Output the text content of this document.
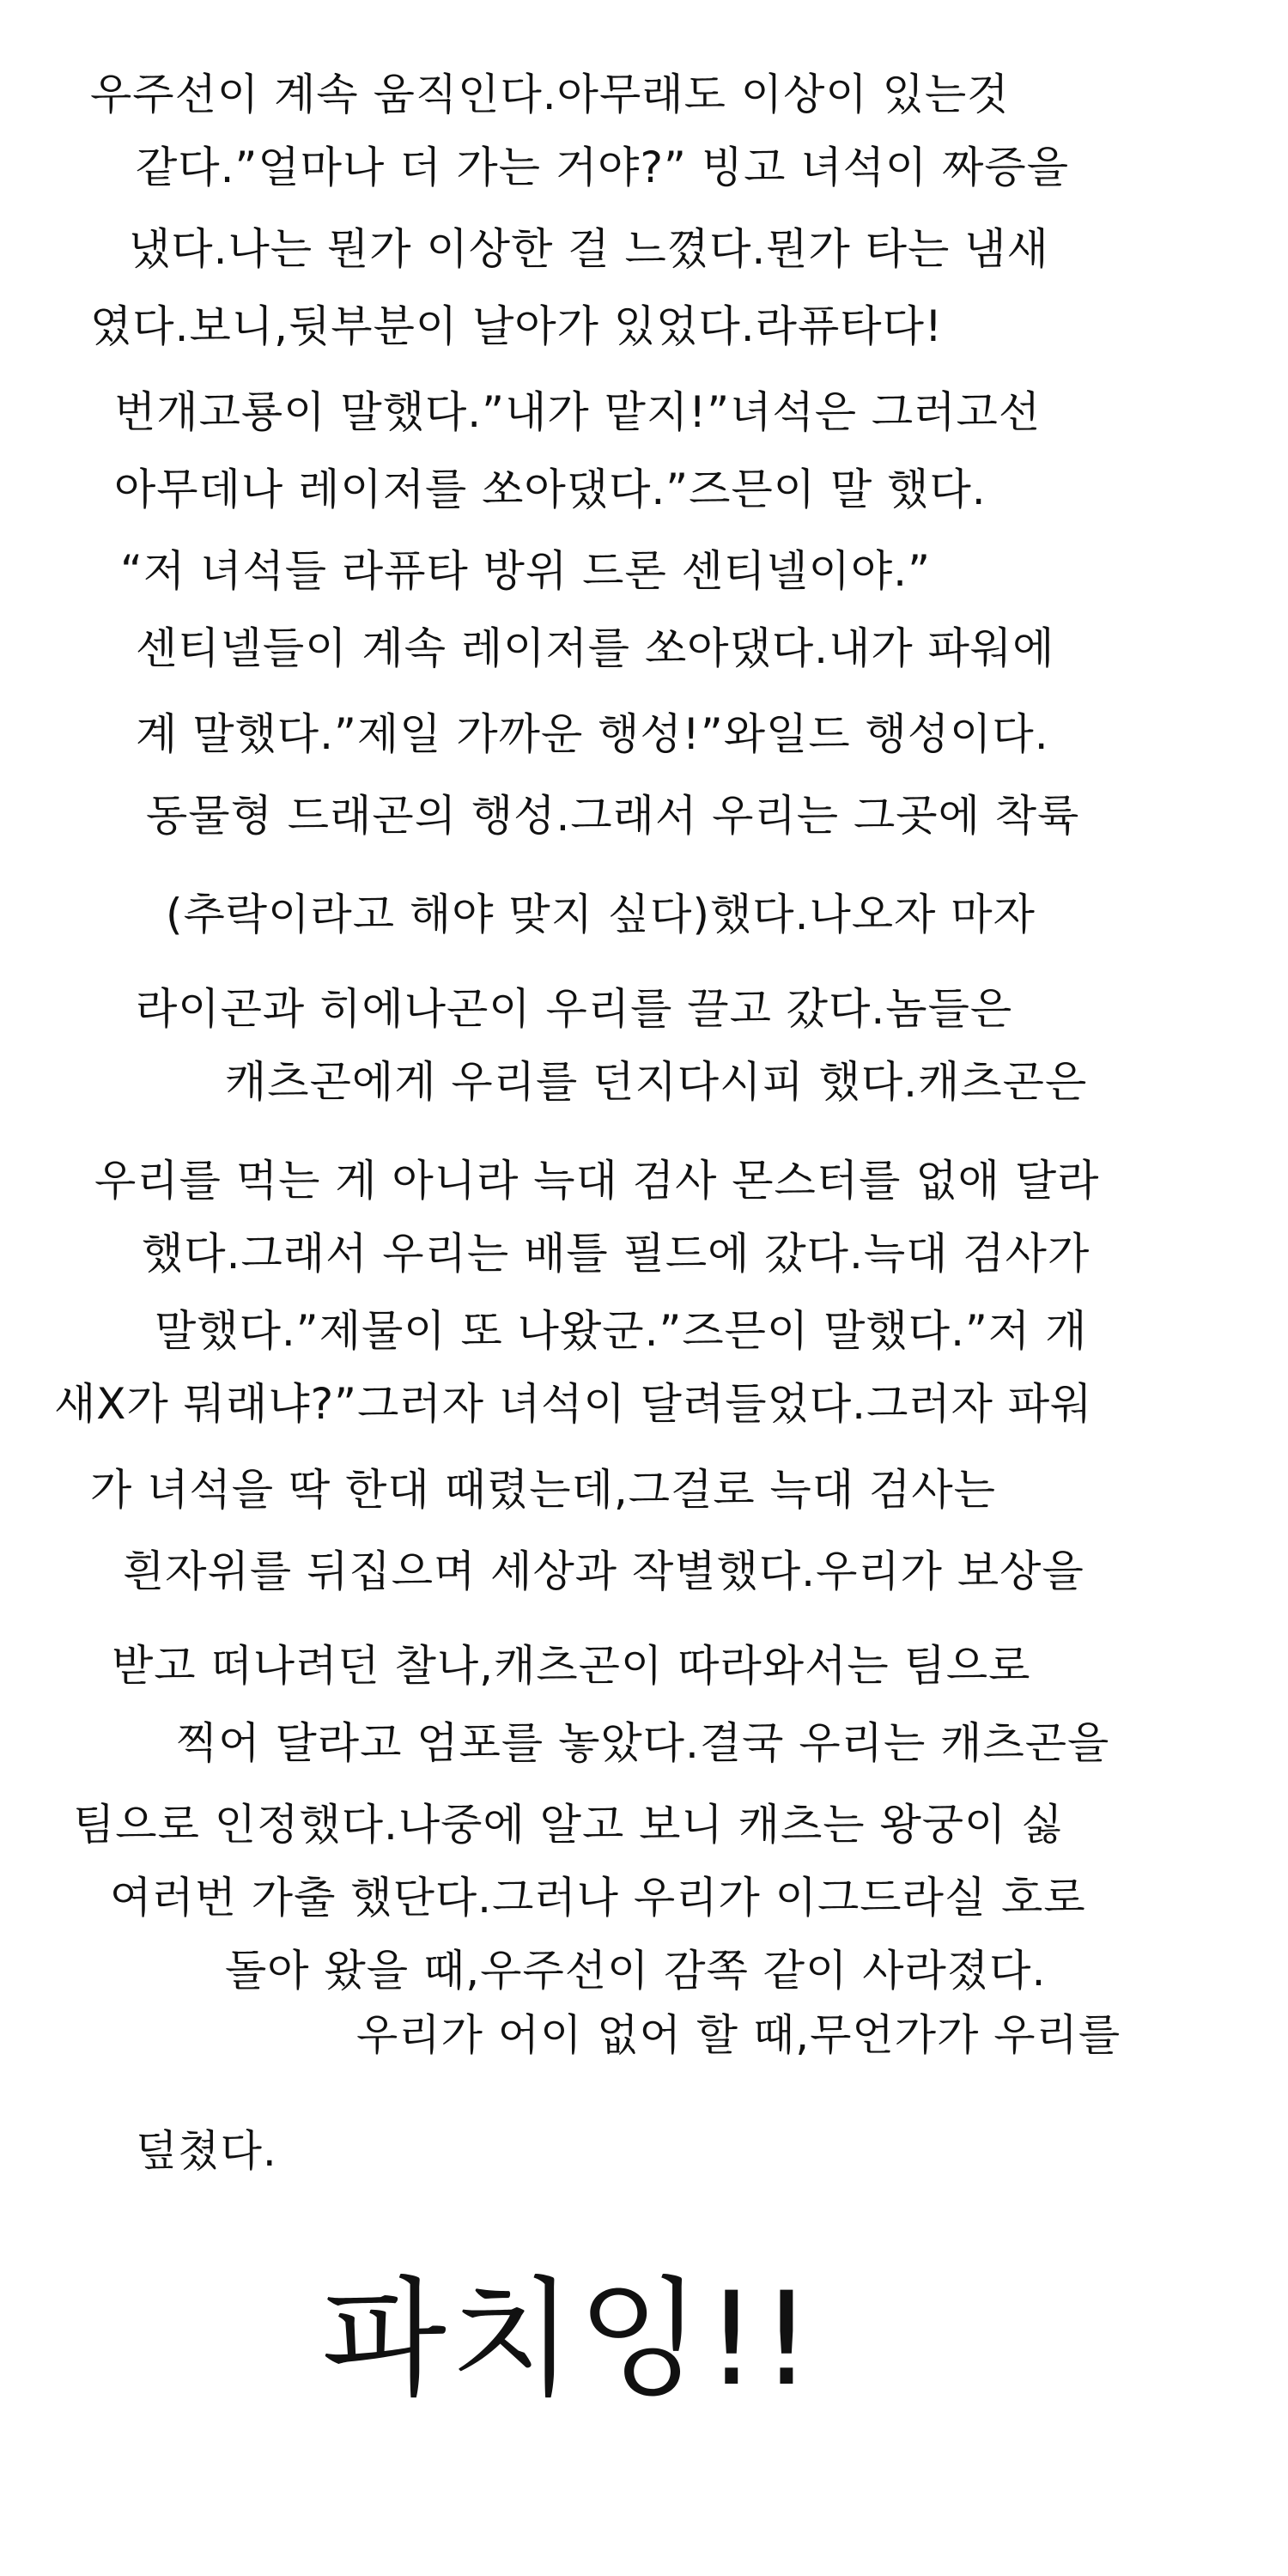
우주선이 계속 움직인다.아무래도 이상이 있는것
같다.”얼마나 더 가는 거야?” 빙고 녀석이 짜증을
냈다.나는 뭔가 이상한 걸 느꼈다.뭔가 타는 냄새
였다.보니,뒷부분이 날아가 있었다.라퓨타다!
번개고룡이 말했다.”내가 맡지!”녀석은 그러고선
아무데나 레이저를 쏘아댔다.”즈믄이 말 했다.
“저 녀석들 라퓨타 방위 드론 센티넬이야.”
센티넬들이 계속 레이저를 쏘아댔다.내가 파워에
계 말했다.”제일 가까운 행성!”와일드 행성이다.
동물형 드래곤의 행성.그래서 우리는 그곳에 착륙
(추락이라고 해야 맞지 싶다)했다.나오자 마자
라이곤과 히에나곤이 우리를 끌고 갔다.놈들은
캐츠곤에게 우리를 던지다시피 했다.캐츠곤은
우리를 먹는 게 아니라 늑대 검사 몬스터를 없애 달라
했다.그래서 우리는 배틀 필드에 갔다.늑대 검사가
말했다.”제물이 또 나왔군.”즈믄이 말했다.”저 개
새X가 뭐래냐?”그러자 녀석이 달려들었다.그러자 파워
가 녀석을 딱 한대 때렸는데,그걸로 늑대 검사는
흰자위를 뒤집으며 세상과 작별했다.우리가 보상을
받고 떠나려던 찰나,캐츠곤이 따라와서는 팀으로
찍어 달라고 엄포를 놓았다.결국 우리는 캐츠곤을
팀으로 인정했다.나중에 알고 보니 캐츠는 왕궁이 싫
여러번 가출 했단다.그러나 우리가 이그드라실 호로
돌아 왔을 때,우주선이 감쪽 같이 사라졌다.
우리가 어이 없어 할 때,무언가가 우리를
덮쳤다.
파치잉!!
